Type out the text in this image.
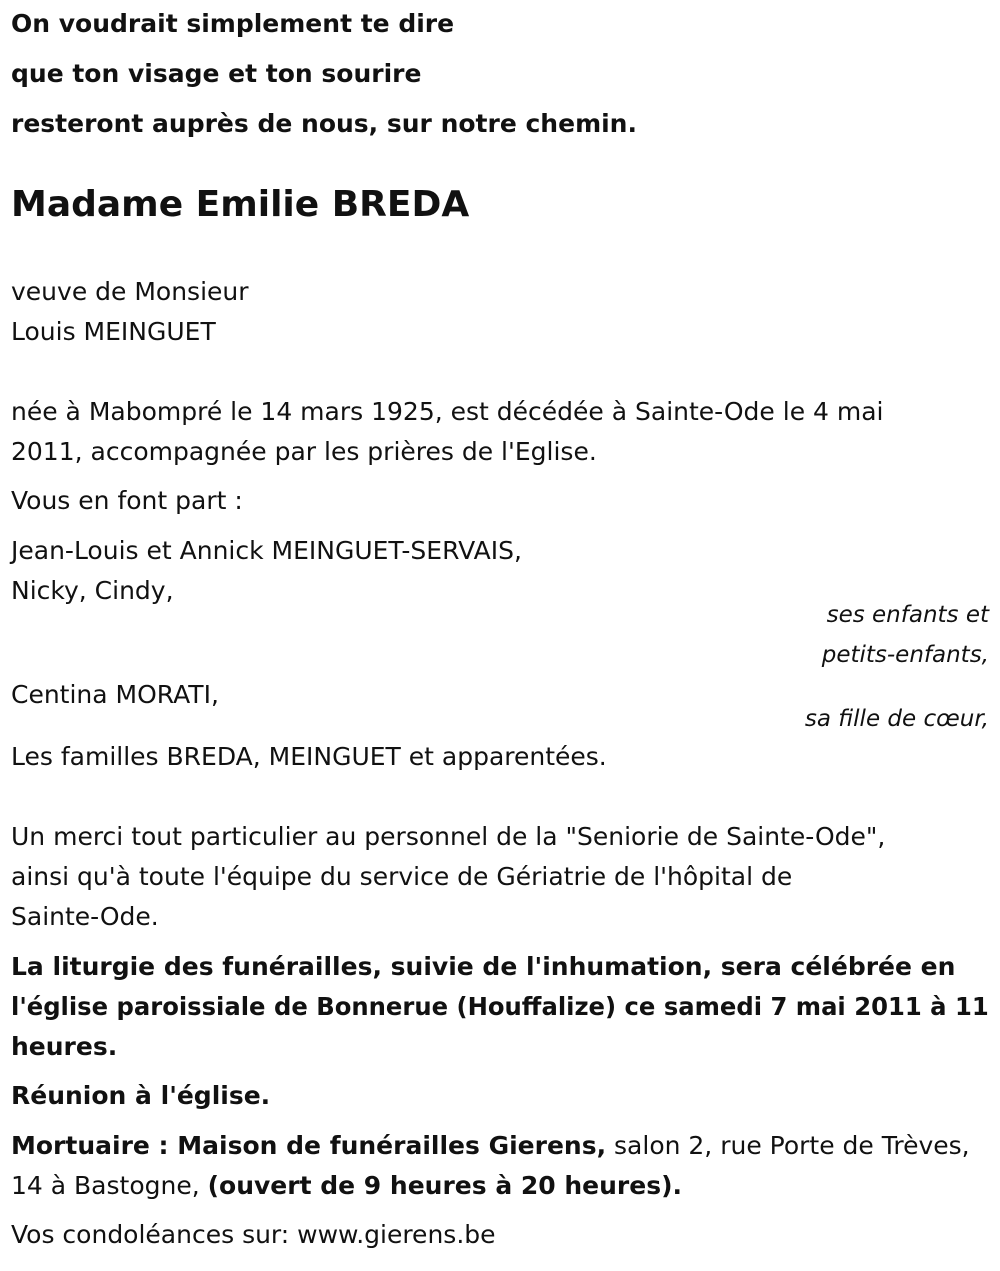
On voudrait simplement te dire

que ton visage et ton sourire

resteront auprès de nous, sur notre chemin.

Madame Emilie BREDA

veuve de Monsieur

Louis MEINGUET

née à Mabompré le 14 mars 1925, est décédée à Sainte-Ode le 4 mai

2011, accompagnée par les prières de l'Eglise.

Vous en font part :

Jean-Louis et Annick MEINGUET-SERVAIS,

Nicky, Cindy,

ses enfants et

petits-enfants,

Centina MORATI,

sa fille de cœur,

Les familles BREDA, MEINGUET et apparentées.

Un merci tout particulier au personnel de la "Seniorie de Sainte-Ode",

ainsi qu'à toute l'équipe du service de Gériatrie de l'hôpital de

Sainte-Ode.

La liturgie des funérailles, suivie de l'inhumation, sera célébrée en

l'église paroissiale de Bonnerue (Houffalize) ce samedi 7 mai 2011 à 11

heures.

Réunion à l'église.

Mortuaire : Maison de funérailles Gierens, salon 2, rue Porte de Trèves,

14 à Bastogne, (ouvert de 9 heures à 20 heures).

Vos condoléances sur: www.gierens.be
